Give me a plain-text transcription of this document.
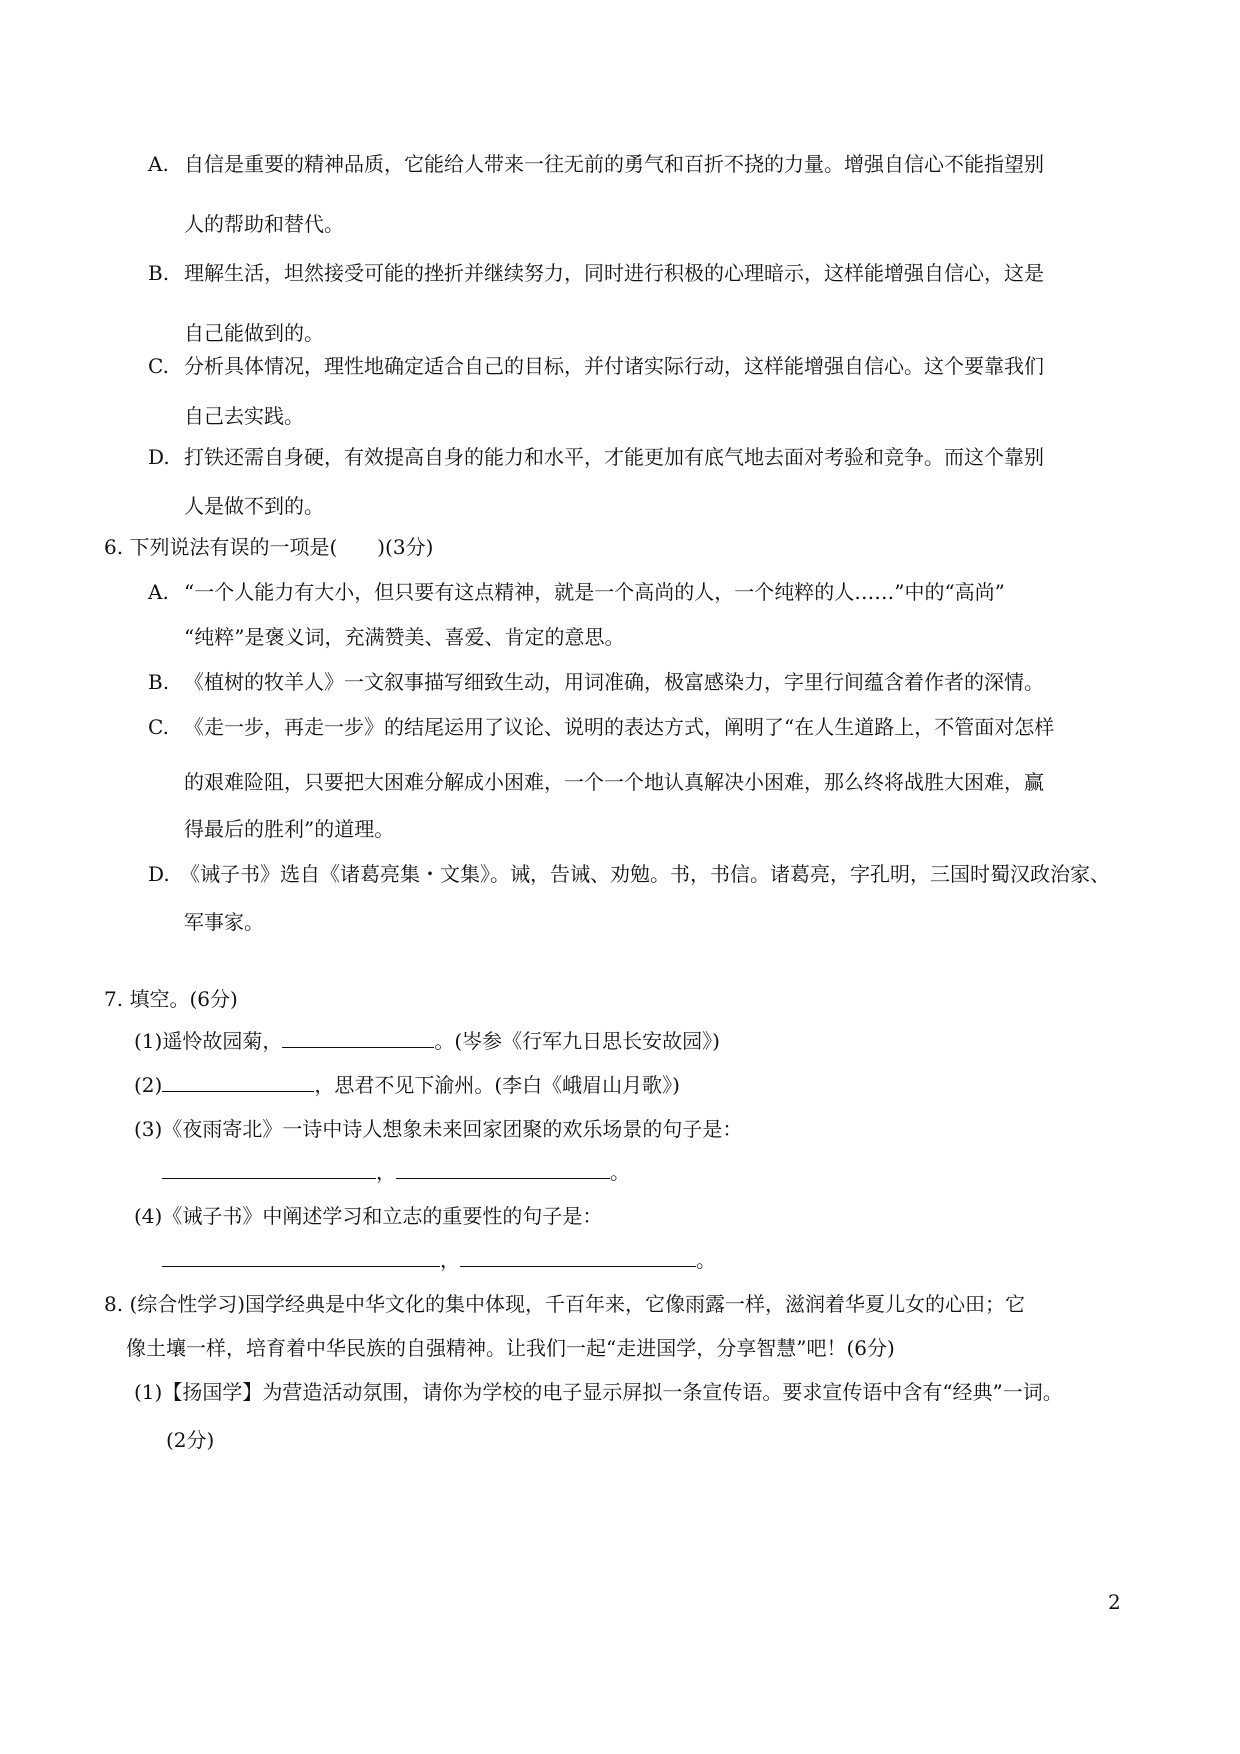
A. 自信是重要的精神品质，它能给人带来一往无前的勇气和百折不挠的力量。增强自信心不能指望别
人的帮助和替代。
B. 理解生活，坦然接受可能的挫折并继续努力，同时进行积极的心理暗示，这样能增强自信心，这是
自己能做到的。
C. 分析具体情况，理性地确定适合自己的目标，并付诸实际行动，这样能增强自信心。这个要靠我们
自己去实践。
D. 打铁还需自身硬，有效提高自身的能力和水平，才能更加有底气地去面对考验和竞争。而这个靠别
人是做不到的。
6. 下列说法有误的一项是(　　)(3分)
A. “一个人能力有大小，但只要有这点精神，就是一个高尚的人，一个纯粹的人……”中的“高尚”
“纯粹”是褒义词，充满赞美、喜爱、肯定的意思。
B. 《植树的牧羊人》一文叙事描写细致生动，用词准确，极富感染力，字里行间蕴含着作者的深情。
C. 《走一步，再走一步》的结尾运用了议论、说明的表达方式，阐明了“在人生道路上，不管面对怎样
的艰难险阻，只要把大困难分解成小困难，一个一个地认真解决小困难，那么终将战胜大困难，赢
得最后的胜利”的道理。
D. 《诫子书》选自《诸葛亮集・文集》。诫，告诫、劝勉。书，书信。诸葛亮，字孔明，三国时蜀汉政治家、
军事家。
7. 填空。(6分)
(1)遥怜故园菊，	。(岑参《行军九日思长安故园》)
(2)	，思君不见下渝州。(李白《峨眉山月歌》)
(3)《夜雨寄北》一诗中诗人想象未来回家团聚的欢乐场景的句子是：
，	。
(4)《诫子书》中阐述学习和立志的重要性的句子是：
，	。
8. (综合性学习)国学经典是中华文化的集中体现，千百年来，它像雨露一样，滋润着华夏儿女的心田；它
像土壤一样，培育着中华民族的自强精神。让我们一起“走进国学，分享智慧”吧！(6分)
(1)【扬国学】为营造活动氛围，请你为学校的电子显示屏拟一条宣传语。要求宣传语中含有“经典”一词。
(2分)
2
